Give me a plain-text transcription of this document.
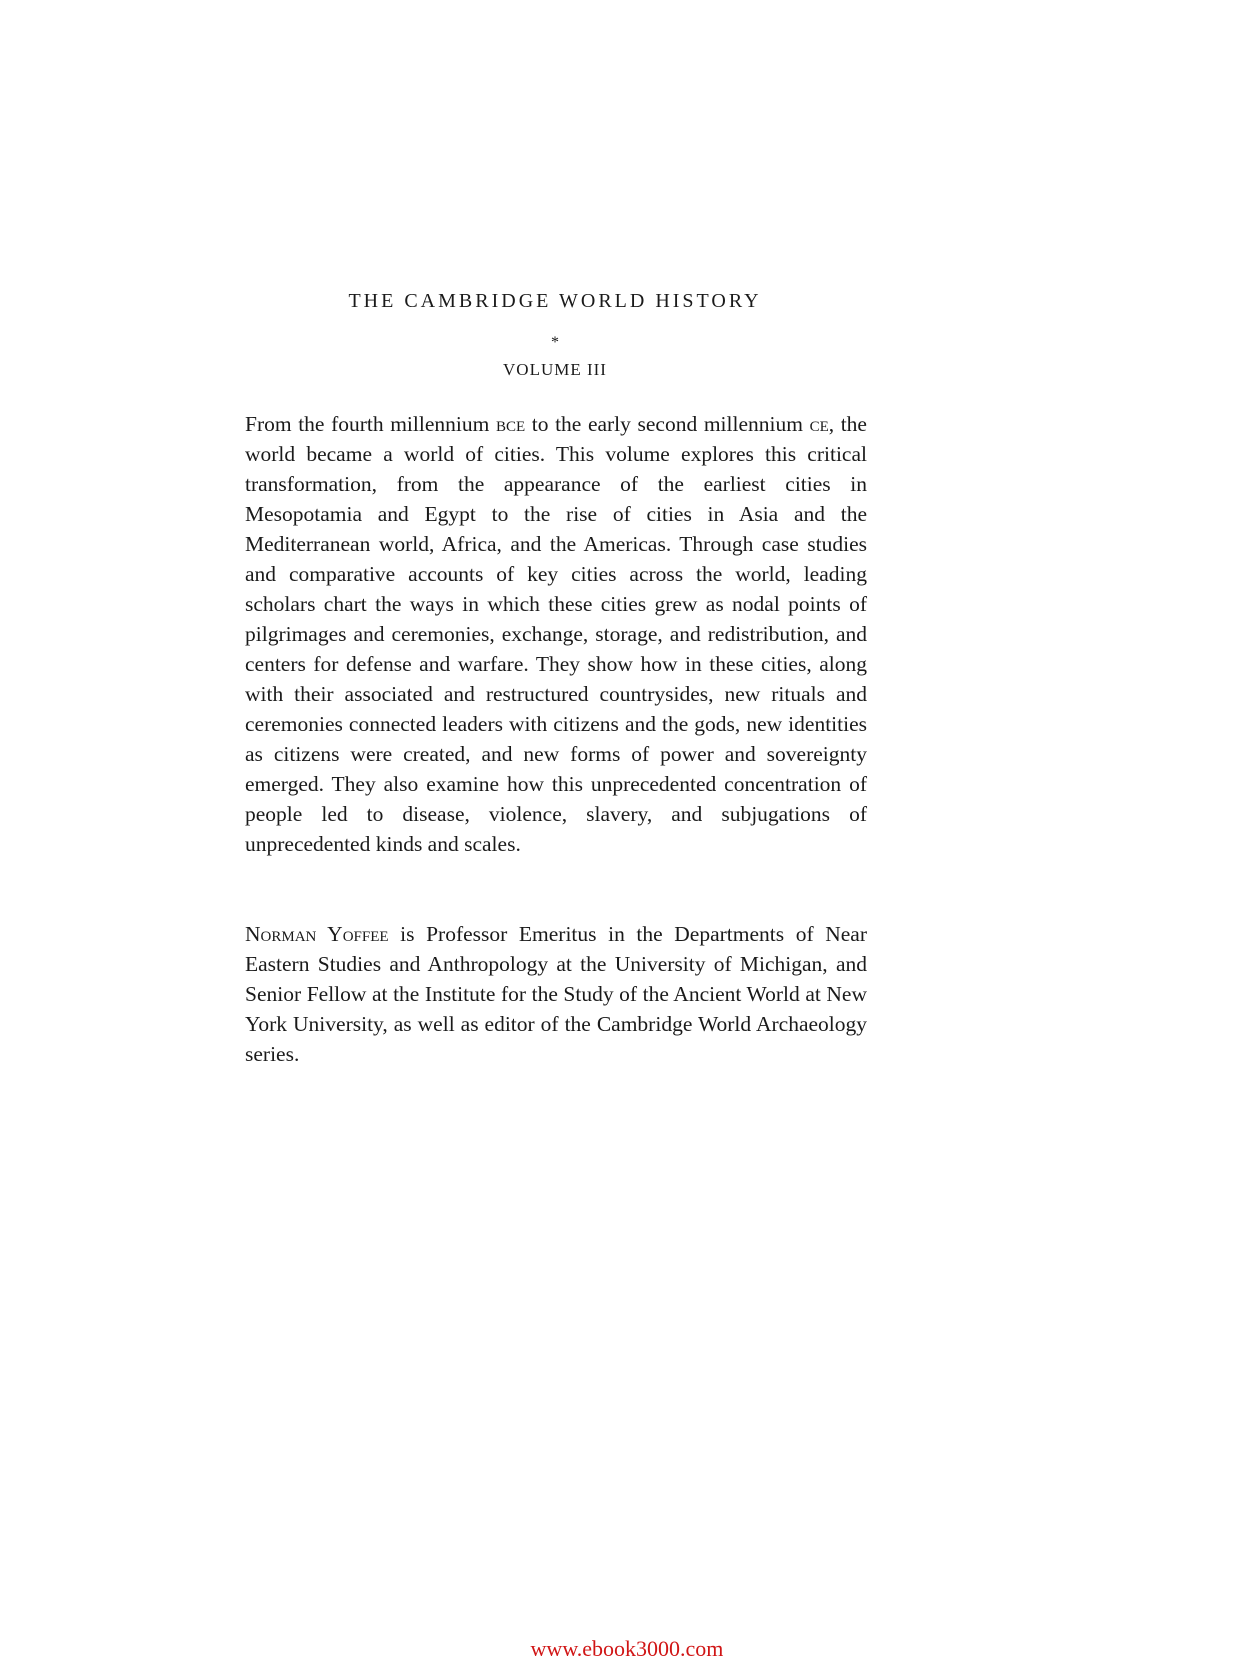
THE CAMBRIDGE WORLD HISTORY
*
VOLUME III

From the fourth millennium bce to the early second millennium ce, the world became a world of cities. This volume explores this critical transformation, from the appearance of the earliest cities in Mesopotamia and Egypt to the rise of cities in Asia and the Mediterranean world, Africa, and the Americas. Through case studies and comparative accounts of key cities across the world, leading scholars chart the ways in which these cities grew as nodal points of pilgrimages and ceremonies, exchange, storage, and redistribution, and centers for defense and warfare. They show how in these cities, along with their associated and restructured countrysides, new rituals and ceremonies connected leaders with citizens and the gods, new identities as citizens were created, and new forms of power and sovereignty emerged. They also examine how this unprecedented concentration of people led to disease, violence, slavery, and subjugations of unprecedented kinds and scales.

Norman Yoffee is Professor Emeritus in the Departments of Near Eastern Studies and Anthropology at the University of Michigan, and Senior Fellow at the Institute for the Study of the Ancient World at New York University, as well as editor of the Cambridge World Archaeology series.

www.ebook3000.com
